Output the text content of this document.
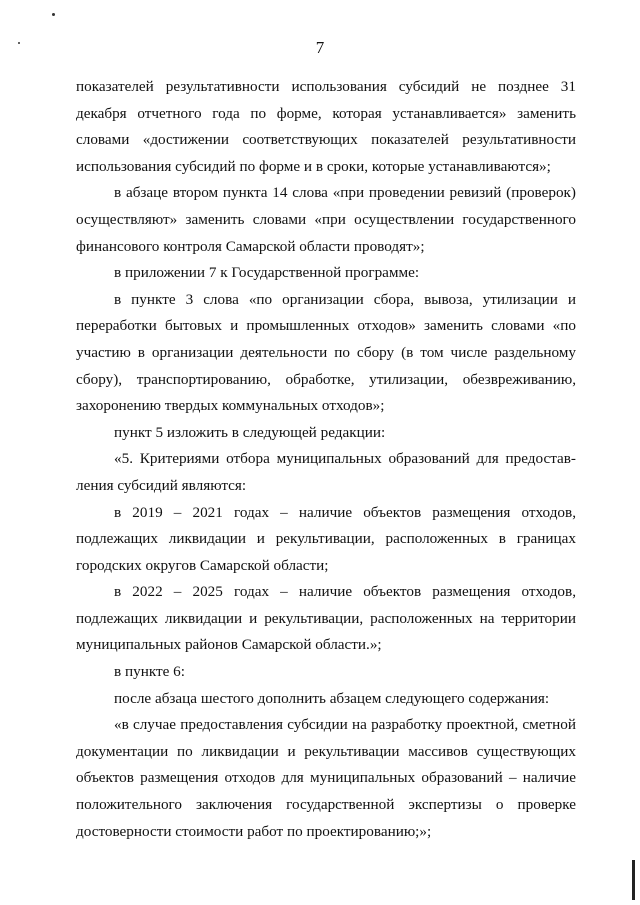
7

показателей результативности использования субсидий не позднее 31 декабря отчетного года по форме, которая устанавливается» заменить словами «достижении соответствующих показателей результативности использования субсидий по форме и в сроки, которые устанавливаются»;

в абзаце втором пункта 14 слова «при проведении ревизий (проверок) осуществляют» заменить словами «при осуществлении государственного финансового контроля Самарской области проводят»;

в приложении 7 к Государственной программе:

в пункте 3 слова «по организации сбора, вывоза, утилизации и переработки бытовых и промышленных отходов» заменить словами «по участию в организации деятельности по сбору (в том числе раздельному сбору), транспортированию, обработке, утилизации, обезвреживанию, захоронению твердых коммунальных отходов»;

пункт 5 изложить в следующей редакции:

«5. Критериями отбора муниципальных образований для предостав-ления субсидий являются:

в 2019 – 2021 годах – наличие объектов размещения отходов, подлежащих ликвидации и рекультивации, расположенных в границах городских округов Самарской области;

в 2022 – 2025 годах – наличие объектов размещения отходов, подлежащих ликвидации и рекультивации, расположенных на территории муниципальных районов Самарской области.»;

в пункте 6:

после абзаца шестого дополнить абзацем следующего содержания:

«в случае предоставления субсидии на разработку проектной, сметной документации по ликвидации и рекультивации массивов существующих объектов размещения отходов для муниципальных образований – наличие положительного заключения государственной экспертизы о проверке достоверности стоимости работ по проектированию;»;
